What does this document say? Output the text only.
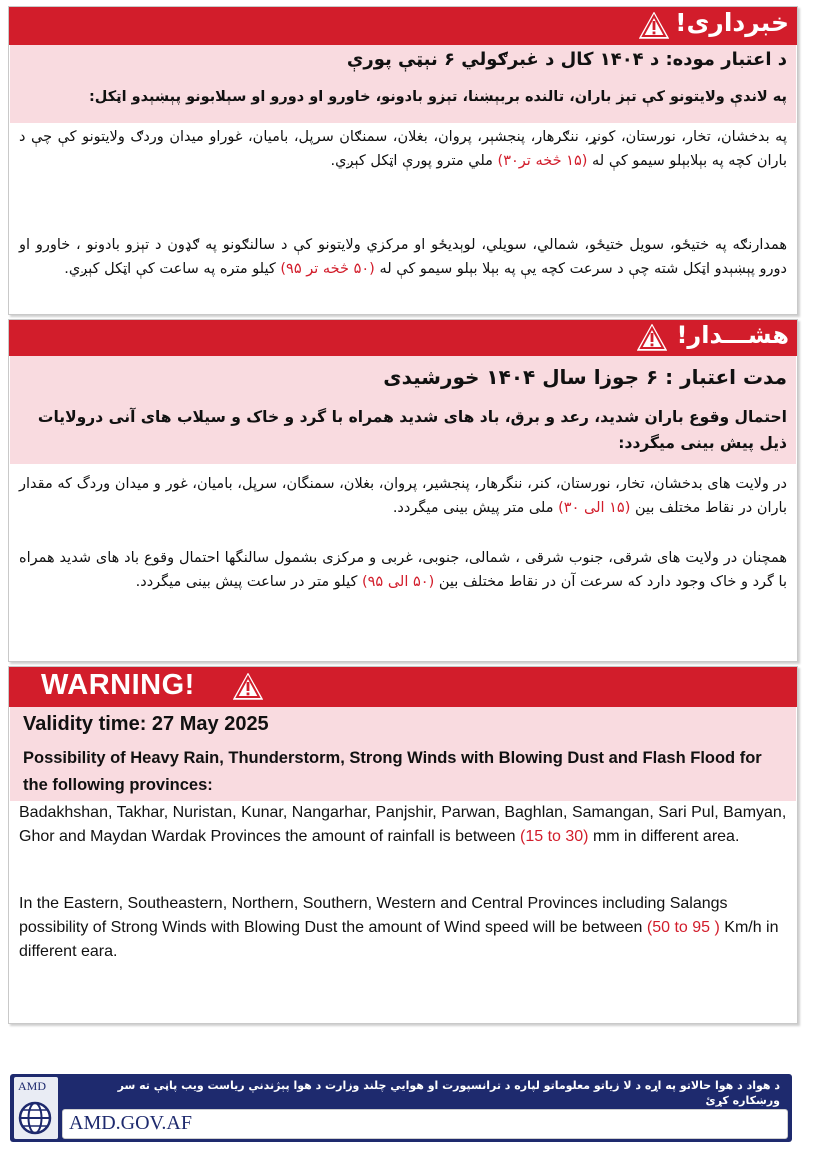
خبرداری!
د اعتبار موده: د ۱۴۰۴ کال د غبرګولي ۶ نېټې پورې
په لاندې ولایتونو کې تېز باران، تالنده بربېښنا، تېزو بادونو، خاورو او دورو او سېلابونو پېښېدو اټکل:
په بدخشان، تخار، نورستان، کونړ، ننګرهار، پنجشېر، پروان، بغلان، سمنګان سرپل، بامیان، غوراو میدان وردګ ولایتونو کې چې د باران کچه په بېلابېلو سیمو کې له (۱۵ څخه تر۳۰) ملي مترو پورې اټکل کېږي.
همدارنګه په ختیځو، سویل ختیځو، شمالي، سویلي، لوېدیځو او مرکزي ولایتونو کې د سالنګونو په ګډون د تېزو بادونو ، خاورو او دورو پېښېدو اټکل شته چې د سرعت کچه یې په بېلا بېلو سیمو کې له (۵۰ څخه تر ۹۵) کیلو متره په ساعت کې اټکل کېږي.
هشـــدار!
مدت اعتبار : ۶ جوزا سال ۱۴۰۴ خورشیدی
احتمال وقوع باران شدید، رعد و برق، باد های شدید همراه با گرد و خاک و سیلاب های آنی درولایات ذیل پیش بینی میگردد:
در ولایت های بدخشان، تخار، نورستان، کنر، ننگرهار، پنجشیر، پروان، بغلان، سمنگان، سرپل، بامیان، غور و میدان وردگ که مقدار باران در نقاط مختلف بین (۱۵ الی ۳۰) ملی متر پیش بینی میگردد.
همچنان در ولایت های شرقی، جنوب شرقی ، شمالی، جنوبی، غربی و مرکزی بشمول سالنگها احتمال وقوع باد های شدید همراه با گرد و خاک وجود دارد که سرعت آن در نقاط مختلف بین (۵۰ الی ۹۵) کیلو متر در ساعت پیش بینی میگردد.
WARNING!
Validity time: 27 May 2025
Possibility of Heavy Rain, Thunderstorm, Strong Winds with Blowing Dust and Flash Flood for the following provinces:
Badakhshan, Takhar, Nuristan, Kunar, Nangarhar, Panjshir, Parwan, Baghlan, Samangan, Sari Pul, Bamyan, Ghor and Maydan Wardak Provinces the amount of rainfall is between (15 to 30) mm in different area.
In the Eastern, Southeastern, Northern, Southern, Western and Central Provinces including Salangs possibility of Strong Winds with Blowing Dust the amount of Wind speed will be between (50 to 95 ) Km/h in different eara.
د هواد د هوا حالاتو په اړه د لا زیاتو معلوماتو لپاره د ترانسپورت او هوايي چلند وزارت د هوا پېژندنې ریاست ویب پاڼې ته سر ورښکاره کړئ
AMD.GOV.AF
AMD
